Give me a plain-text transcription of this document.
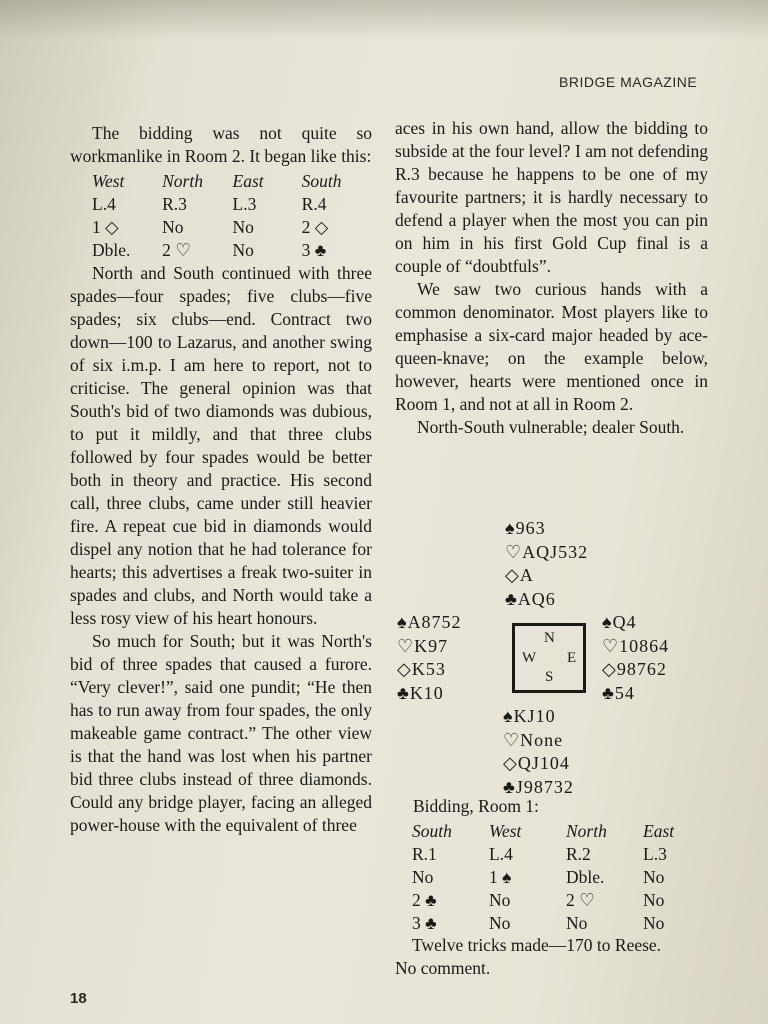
BRIDGE MAGAZINE

The bidding was not quite so workmanlike in Room 2. It began like this:

West	North	East	South
L.4	R.3	L.3	R.4
1 ◇	No	No	2 ◇
Dble.	2 ♡	No	3 ♣

North and South continued with three spades—four spades; five clubs—five spades; six clubs—end. Contract two down—100 to Lazarus, and another swing of six i.m.p. I am here to report, not to criticise. The general opinion was that South's bid of two diamonds was dubious, to put it mildly, and that three clubs followed by four spades would be better both in theory and practice. His second call, three clubs, came under still heavier fire. A repeat cue bid in diamonds would dispel any notion that he had tolerance for hearts; this advertises a freak two-suiter in spades and clubs, and North would take a less rosy view of his heart honours.

So much for South; but it was North's bid of three spades that caused a furore. “Very clever!”, said one pundit; “He then has to run away from four spades, the only makeable game contract.” The other view is that the hand was lost when his partner bid three clubs instead of three diamonds. Could any bridge player, facing an alleged power-house with the equivalent of three

aces in his own hand, allow the bidding to subside at the four level? I am not defending R.3 because he happens to be one of my favourite partners; it is hardly necessary to defend a player when the most you can pin on him in his first Gold Cup final is a couple of “doubtfuls”.

We saw two curious hands with a common denominator. Most players like to emphasise a six-card major headed by ace-queen-knave; on the example below, however, hearts were mentioned once in Room 1, and not at all in Room 2.

North-South vulnerable; dealer South.

♠963
♡AQJ532
◇A
♣AQ6
♠A8752
♡K97
◇K53
♣K10
N
W E
S
♠Q4
♡10864
◇98762
♣54
♠KJ10
♡None
◇QJ104
♣J98732
Bidding, Room 1:
South	West	North	East
R.1	L.4	R.2	L.3
No	1 ♠	Dble.	No
2 ♣	No	2 ♡	No
3 ♣	No	No	No

Twelve tricks made—170 to Reese.

No comment.

18
